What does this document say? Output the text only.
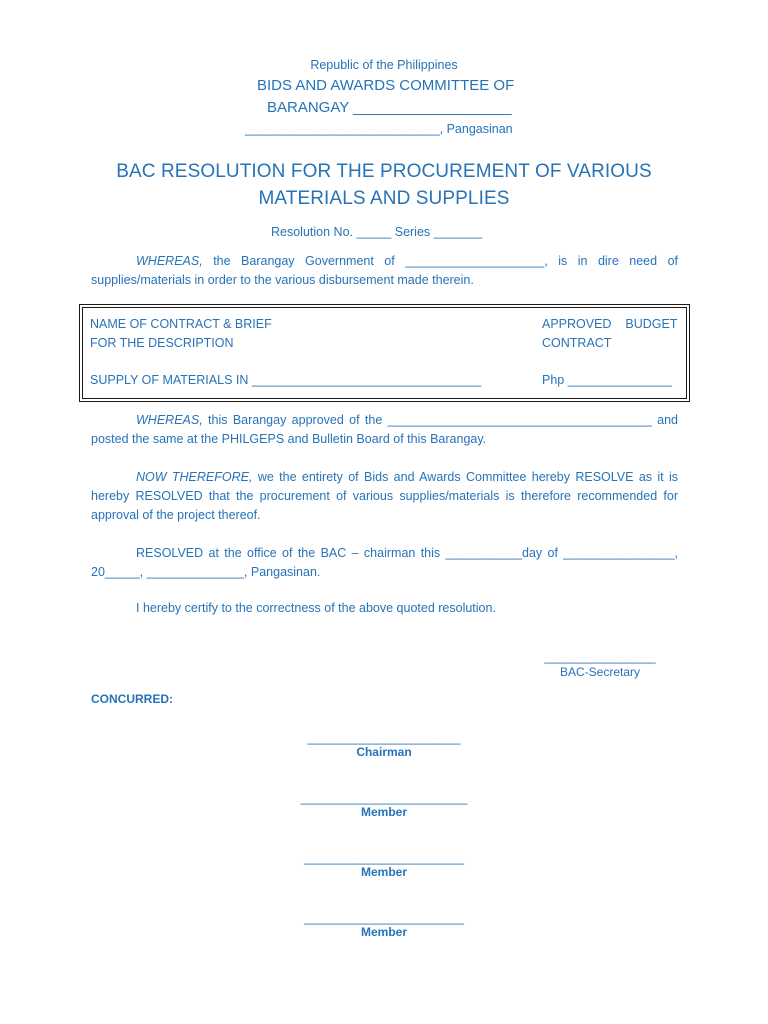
Republic of the Philippines
BIDS AND AWARDS COMMITTEE OF
BARANGAY ___________________
____________________________, Pangasinan
BAC RESOLUTION FOR THE PROCUREMENT OF VARIOUS
MATERIALS AND SUPPLIES
Resolution No. _____ Series _______
WHEREAS, the Barangay Government of ____________________, is in dire need of supplies/materials in order to the various disbursement made therein.
NAME OF CONTRACT & BRIEF
FOR THE DESCRIPTION
APPROVED    BUDGET
CONTRACT
SUPPLY OF MATERIALS IN _________________________________	Php _______________
WHEREAS, this Barangay approved of the ______________________________________ and posted the same at the PHILGEPS and Bulletin Board of this Barangay.
NOW THEREFORE, we the entirety of Bids and Awards Committee hereby RESOLVE as it is hereby RESOLVED that the procurement of various supplies/materials is therefore recommended for approval of the project thereof.
RESOLVED at the office of the BAC – chairman this ___________day of ________________, 20_____, ______________, Pangasinan.
I hereby certify to the correctness of the above quoted resolution.
________________
BAC-Secretary
CONCURRED:
______________________
Chairman
________________________
Member
_______________________
Member
_______________________
Member
